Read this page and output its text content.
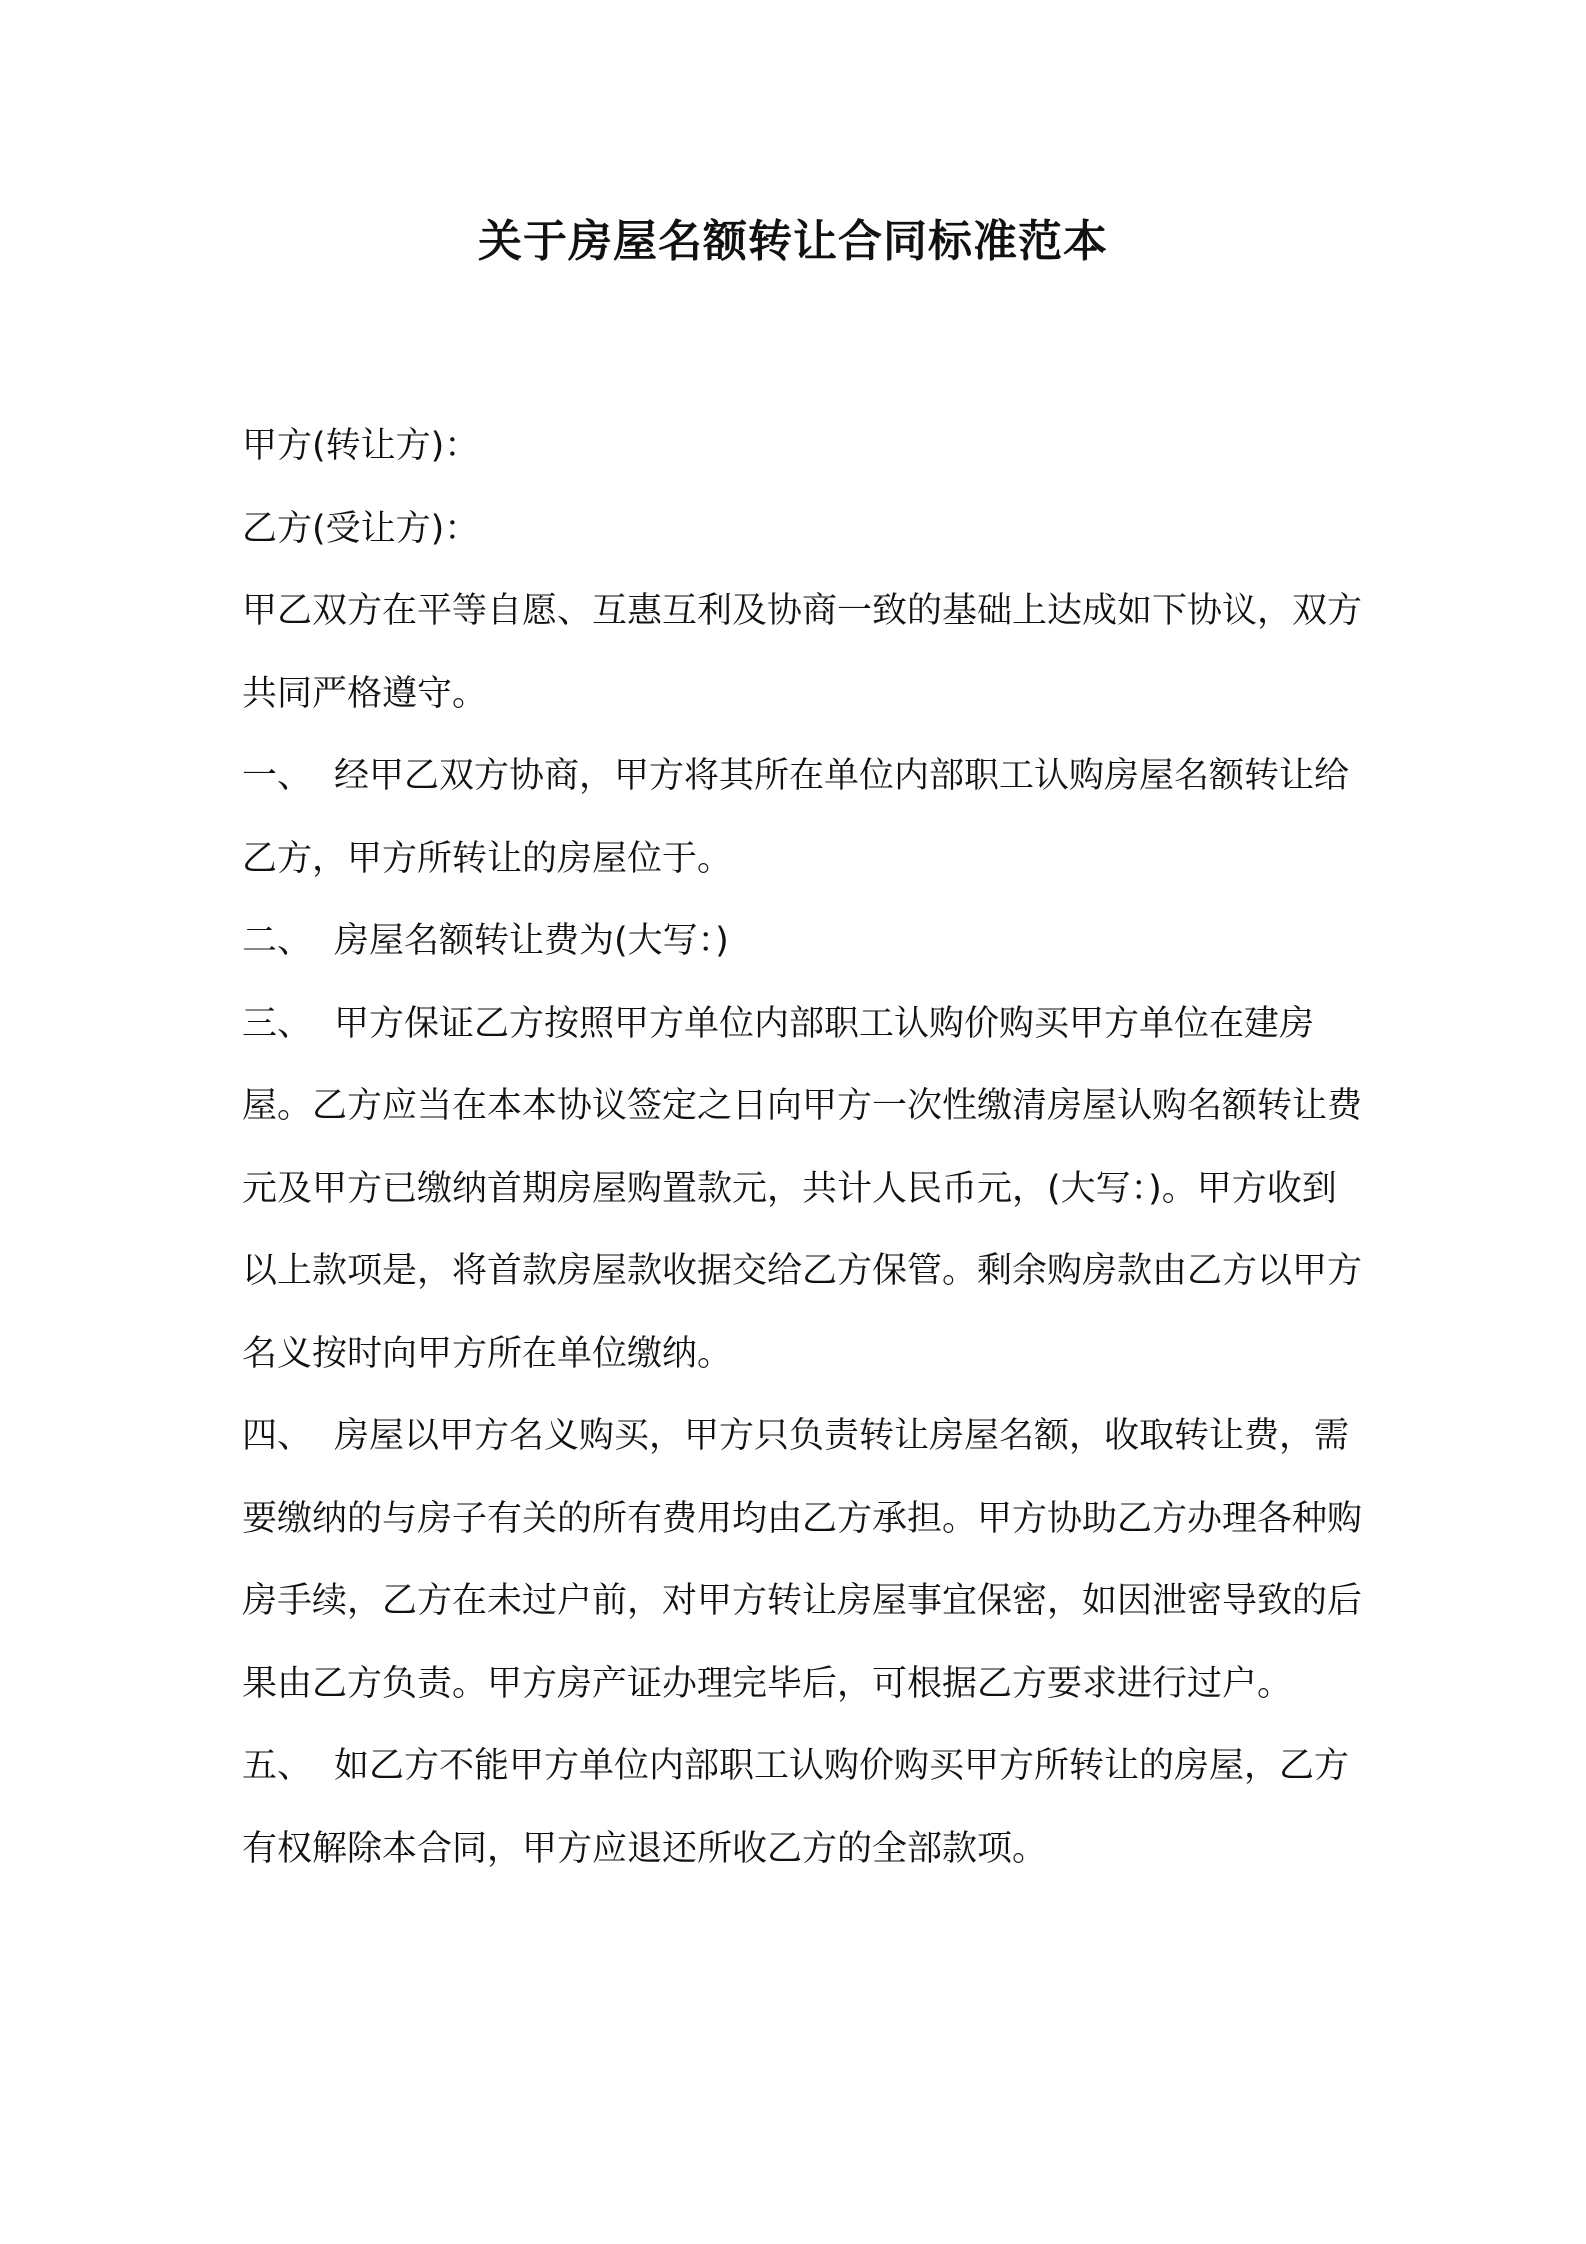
关于房屋名额转让合同标准范本

甲方(转让方)：

乙方(受让方)：

甲乙双方在平等自愿、互惠互利及协商一致的基础上达成如下协议，双方共同严格遵守。

一、 经甲乙双方协商，甲方将其所在单位内部职工认购房屋名额转让给乙方，甲方所转让的房屋位于。

二、 房屋名额转让费为(大写：)

三、 甲方保证乙方按照甲方单位内部职工认购价购买甲方单位在建房屋。乙方应当在本本协议签定之日向甲方一次性缴清房屋认购名额转让费元及甲方已缴纳首期房屋购置款元，共计人民币元，(大写：)。甲方收到以上款项是，将首款房屋款收据交给乙方保管。剩余购房款由乙方以甲方名义按时向甲方所在单位缴纳。

四、 房屋以甲方名义购买，甲方只负责转让房屋名额，收取转让费，需要缴纳的与房子有关的所有费用均由乙方承担。甲方协助乙方办理各种购房手续，乙方在未过户前，对甲方转让房屋事宜保密，如因泄密导致的后果由乙方负责。甲方房产证办理完毕后，可根据乙方要求进行过户。

五、 如乙方不能甲方单位内部职工认购价购买甲方所转让的房屋，乙方有权解除本合同，甲方应退还所收乙方的全部款项。
